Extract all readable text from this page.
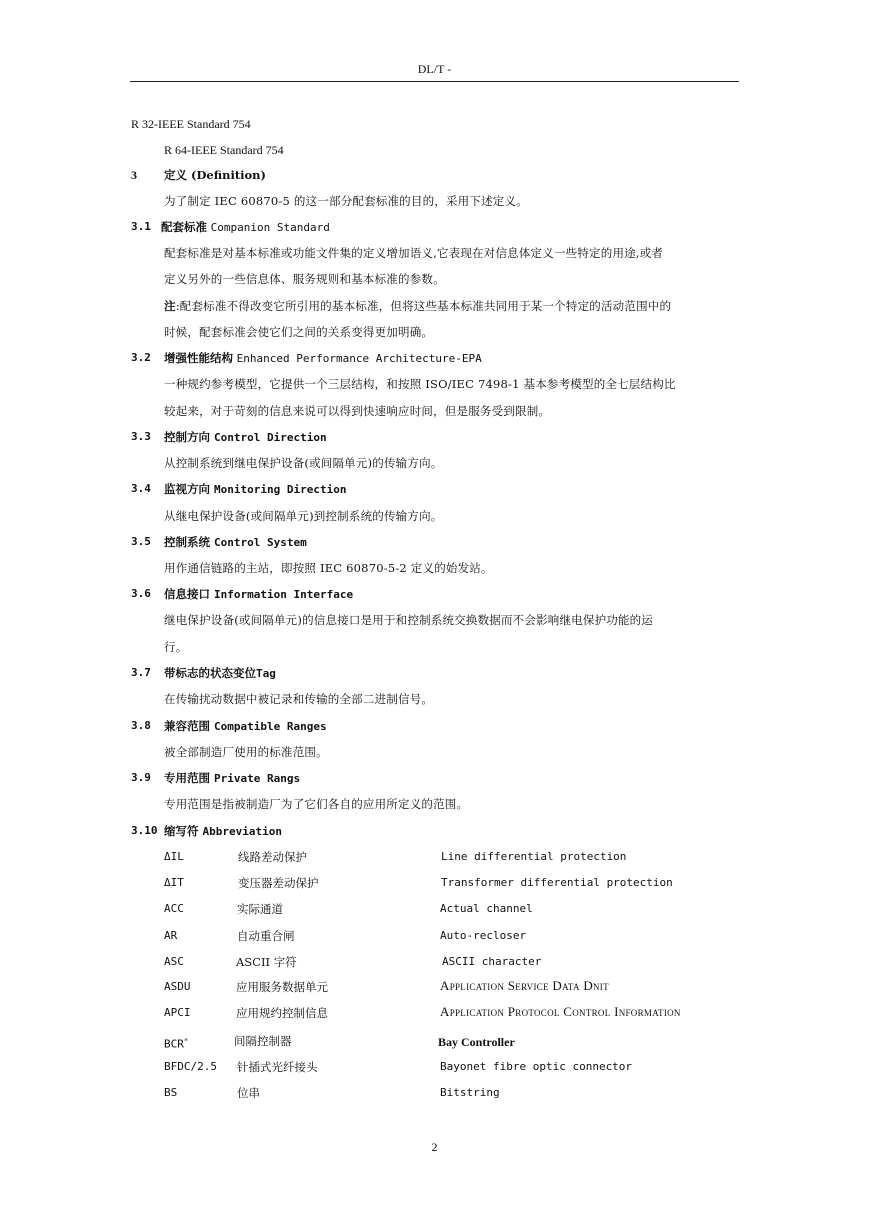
DL/T -
R 32-IEEE Standard 754
R 64-IEEE Standard 754
3 定义 (Definition)
为了制定 IEC 60870-5 的这一部分配套标准的目的，采用下述定义。
3.1 配套标准 Companion Standard
配套标准是对基本标准或功能文件集的定义增加语义,它表现在对信息体定义一些特定的用途,或者
定义另外的一些信息体、服务规则和基本标准的参数。
注:配套标准不得改变它所引用的基本标准，但将这些基本标准共同用于某一个特定的活动范围中的
时候，配套标准会使它们之间的关系变得更加明确。
3.2 增强性能结构 Enhanced Performance Architecture-EPA
一种规约参考模型，它提供一个三层结构，和按照 ISO/IEC 7498-1 基本参考模型的全七层结构比
较起来，对于苛刻的信息来说可以得到快速响应时间，但是服务受到限制。
3.3 控制方向 Control Direction
从控制系统到继电保护设备(或间隔单元)的传输方向。
3.4 监视方向 Monitoring Direction
从继电保护设备(或间隔单元)到控制系统的传输方向。
3.5 控制系统 Control System
用作通信链路的主站，即按照 IEC 60870-5-2 定义的始发站。
3.6 信息接口 Information Interface
继电保护设备(或间隔单元)的信息接口是用于和控制系统交换数据而不会影响继电保护功能的运
行。
3.7 带标志的状态变位Tag
在传输扰动数据中被记录和传输的全部二进制信号。
3.8 兼容范围 Compatible Ranges
被全部制造厂使用的标准范围。
3.9 专用范围 Private Rangs
专用范围是指被制造厂为了它们各自的应用所定义的范围。
3.10 缩写符 Abbreviation
ΔIL	线路差动保护	Line differential protection
ΔIT	变压器差动保护	Transformer differential protection
ACC	实际通道	Actual channel
AR	自动重合闸	Auto-recloser
ASC	ASCII 字符	ASCII character
ASDU	应用服务数据单元	Application Service Data Dnit
APCI	应用规约控制信息	Application Protocol Control Information
BCR*	间隔控制器	Bay Controller
BFDC/2.5 针插式光纤接头	Bayonet fibre optic connector
BS	位串	Bitstring
2
